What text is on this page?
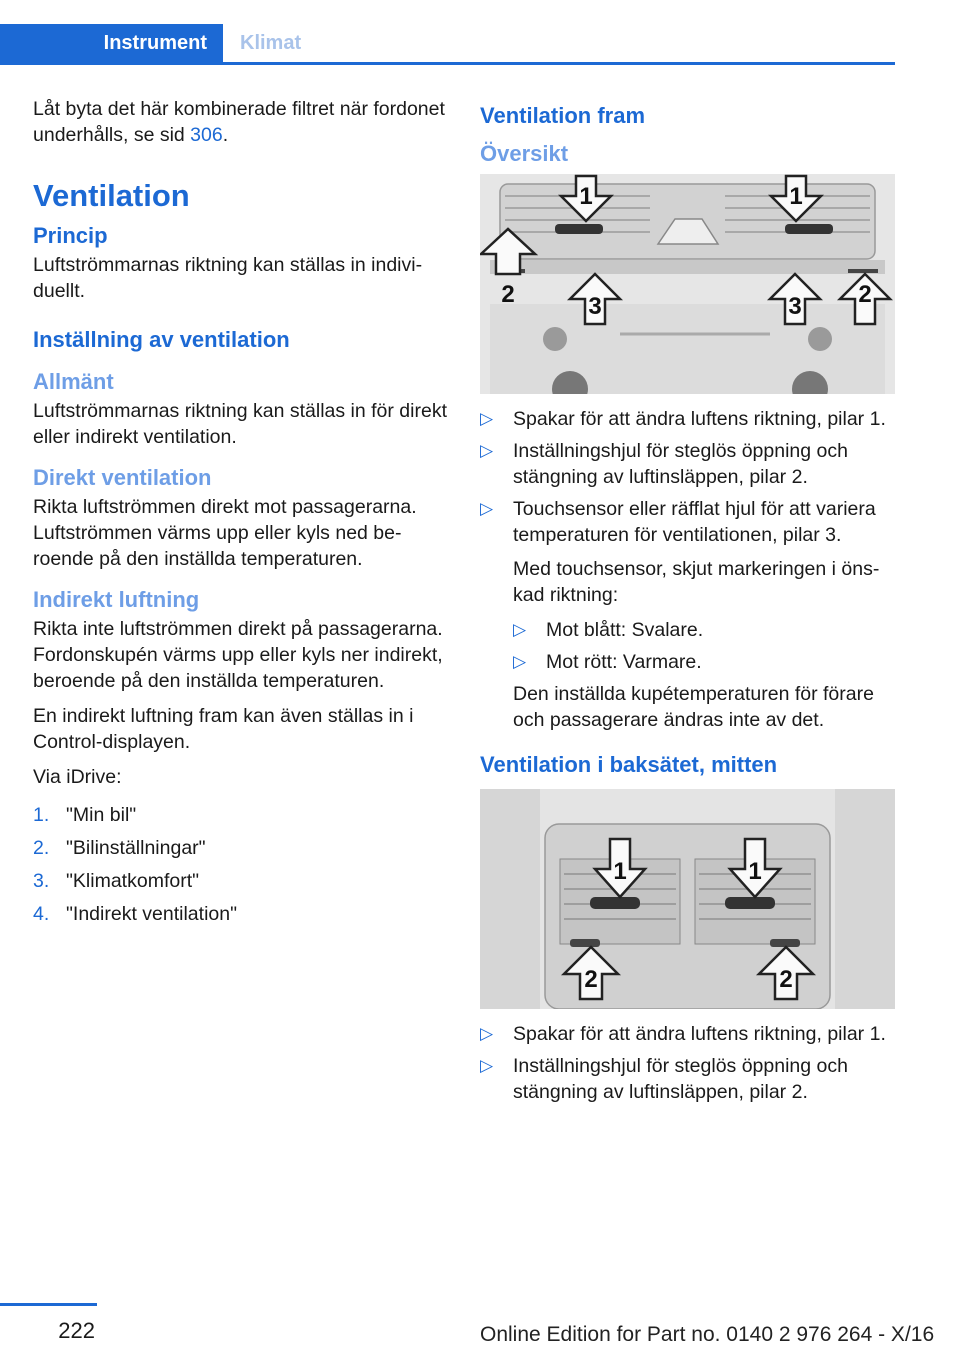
Instrument	Klimat

Låt byta det här kombinerade filtret när fordonet underhålls, se sid 306.

Ventilation
Princip

Luftströmmarnas riktning kan ställas in individuellt.

Inställning av ventilation
Allmänt

Luftströmmarnas riktning kan ställas in för direkt eller indirekt ventilation.

Direkt ventilation

Rikta luftströmmen direkt mot passagerarna. Luftströmmen värms upp eller kyls ned beroende på den inställda temperaturen.

Indirekt luftning

Rikta inte luftströmmen direkt på passagerarna. Fordonskupén värms upp eller kyls ner indirekt, beroende på den inställda temperaturen.

En indirekt luftning fram kan även ställas in i Control-displayen.

Via iDrive:

1. "Min bil"
2. "Bilinställningar"
3. "Klimatkomfort"
4. "Indirekt ventilation"
Ventilation fram
Översikt
1	1
2	3	3 2
▷ Spakar för att ändra luftens riktning, pilar 1.
▷ Inställningshjul för steglös öppning och stängning av luftinsläppen, pilar 2.
▷ Touchsensor eller räfflat hjul för att variera temperaturen för ventilationen, pilar 3.

Med touchsensor, skjut markeringen i önskad riktning:

▷ Mot blått: Svalare.
▷ Mot rött: Varmare.

Den inställda kupétemperaturen för förare och passagerare ändras inte av det.

Ventilation i baksätet, mitten
1	1
2	2
▷ Spakar för att ändra luftens riktning, pilar 1.
▷ Inställningshjul för steglös öppning och stängning av luftinsläppen, pilar 2.
222	Online Edition for Part no. 0140 2 976 264 - X/16
